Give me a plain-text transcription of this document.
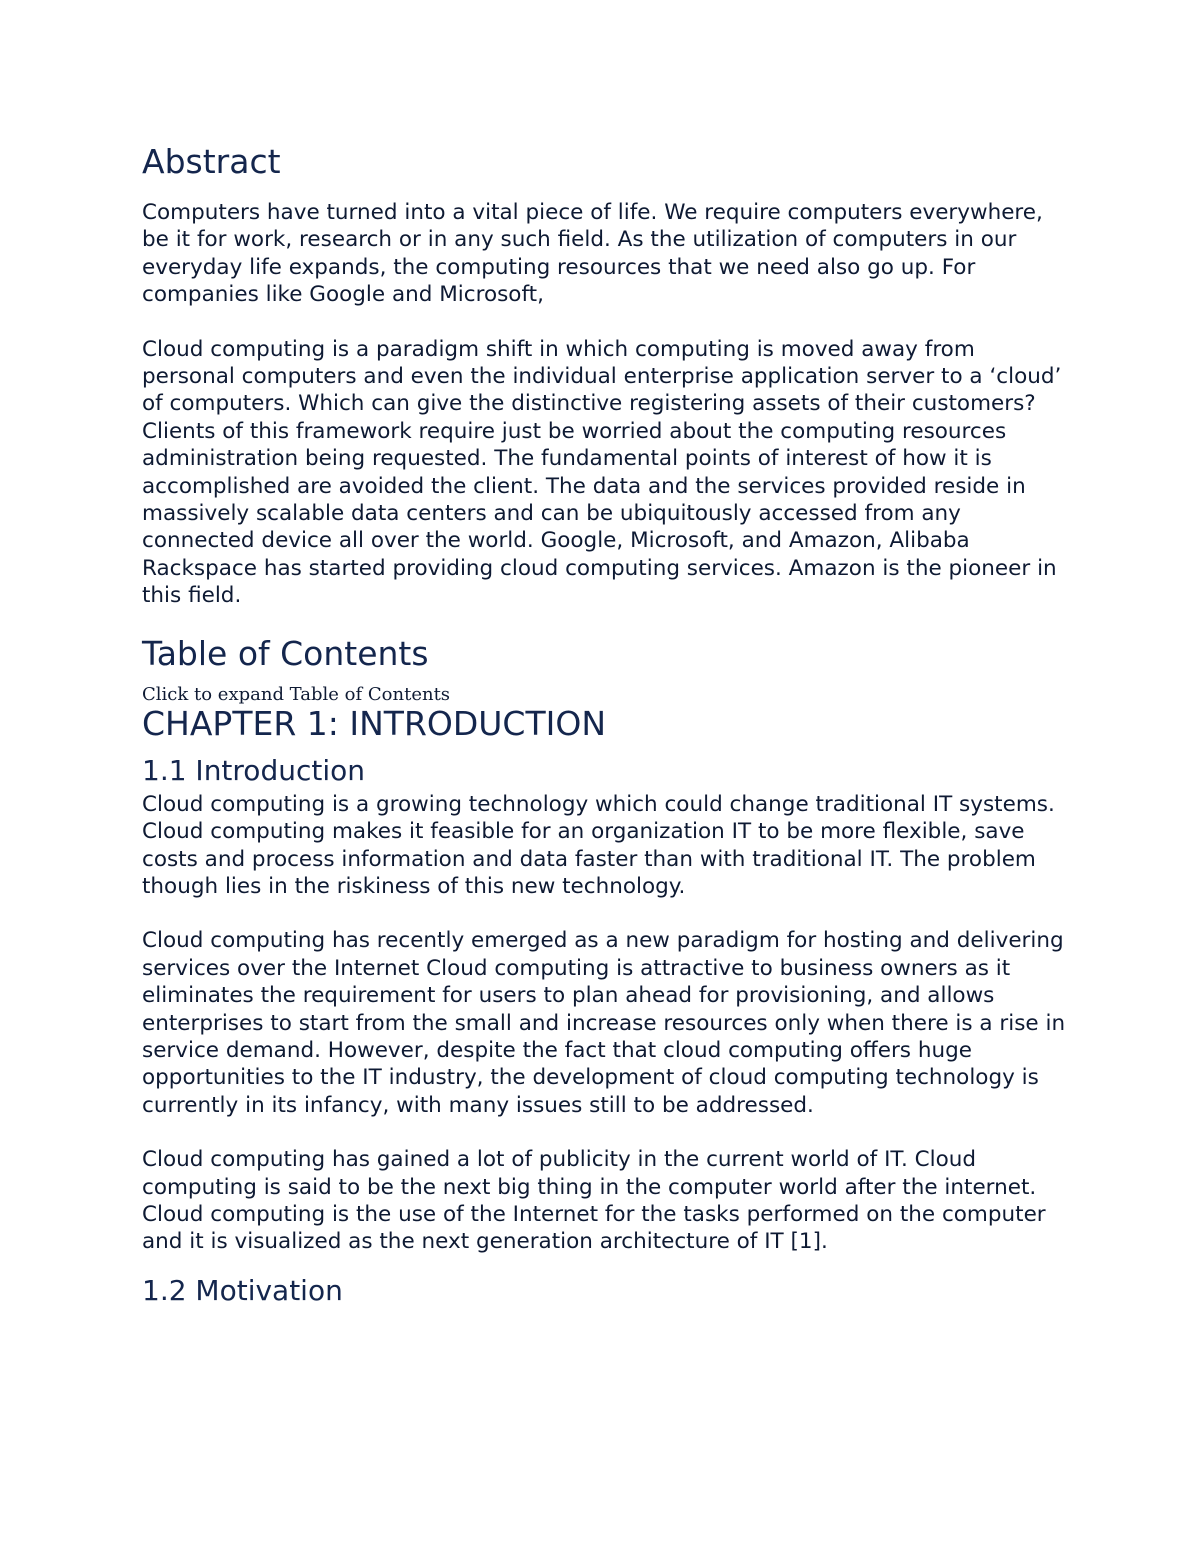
Abstract

Computers have turned into a vital piece of life. We require computers everywhere, be it for work, research or in any such field. As the utilization of computers in our everyday life expands, the computing resources that we need also go up. For companies like Google and Microsoft,

Cloud computing is a paradigm shift in which computing is moved away from personal computers and even the individual enterprise application server to a ‘cloud’ of computers. Which can give the distinctive registering assets of their customers? Clients of this framework require just be worried about the computing resources administration being requested. The fundamental points of interest of how it is accomplished are avoided the client. The data and the services provided reside in massively scalable data centers and can be ubiquitously accessed from any connected device all over the world. Google, Microsoft, and Amazon, Alibaba Rackspace has started providing cloud computing services. Amazon is the pioneer in this field.

Table of Contents

Click to expand Table of Contents

CHAPTER 1: INTRODUCTION
1.1 Introduction

Cloud computing is a growing technology which could change traditional IT systems. Cloud computing makes it feasible for an organization IT to be more flexible, save costs and process information and data faster than with traditional IT. The problem though lies in the riskiness of this new technology.

Cloud computing has recently emerged as a new paradigm for hosting and delivering services over the Internet Cloud computing is attractive to business owners as it eliminates the requirement for users to plan ahead for provisioning, and allows enterprises to start from the small and increase resources only when there is a rise in service demand. However, despite the fact that cloud computing offers huge opportunities to the IT industry, the development of cloud computing technology is currently in its infancy, with many issues still to be addressed.

Cloud computing has gained a lot of publicity in the current world of IT. Cloud computing is said to be the next big thing in the computer world after the internet. Cloud computing is the use of the Internet for the tasks performed on the computer and it is visualized as the next generation architecture of IT [1].

1.2 Motivation
